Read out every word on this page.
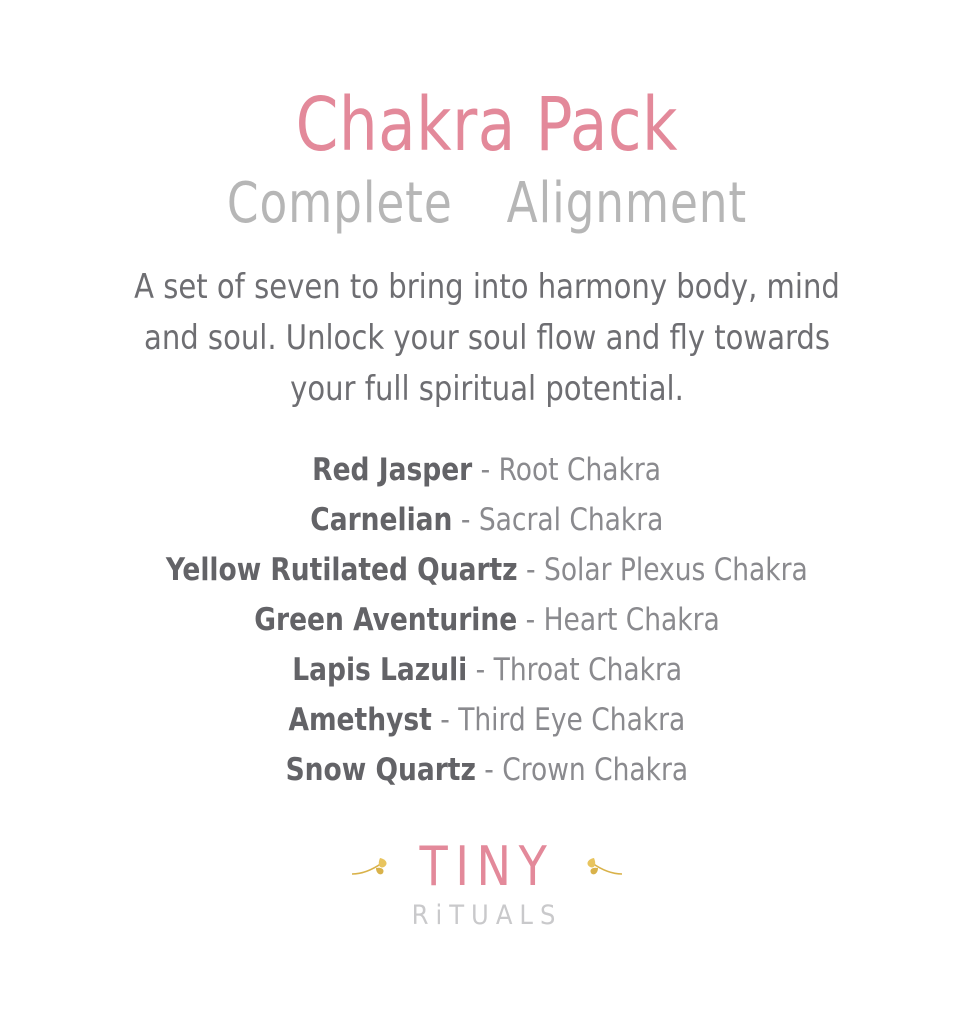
Chakra Pack
Complete Alignment
A set of seven to bring into harmony body, mind and soul. Unlock your soul flow and fly towards your full spiritual potential.
Red Jasper - Root Chakra
Carnelian - Sacral Chakra
Yellow Rutilated Quartz - Solar Plexus Chakra
Green Aventurine - Heart Chakra
Lapis Lazuli - Throat Chakra
Amethyst - Third Eye Chakra
Snow Quartz - Crown Chakra
TINY
RiTUALS
